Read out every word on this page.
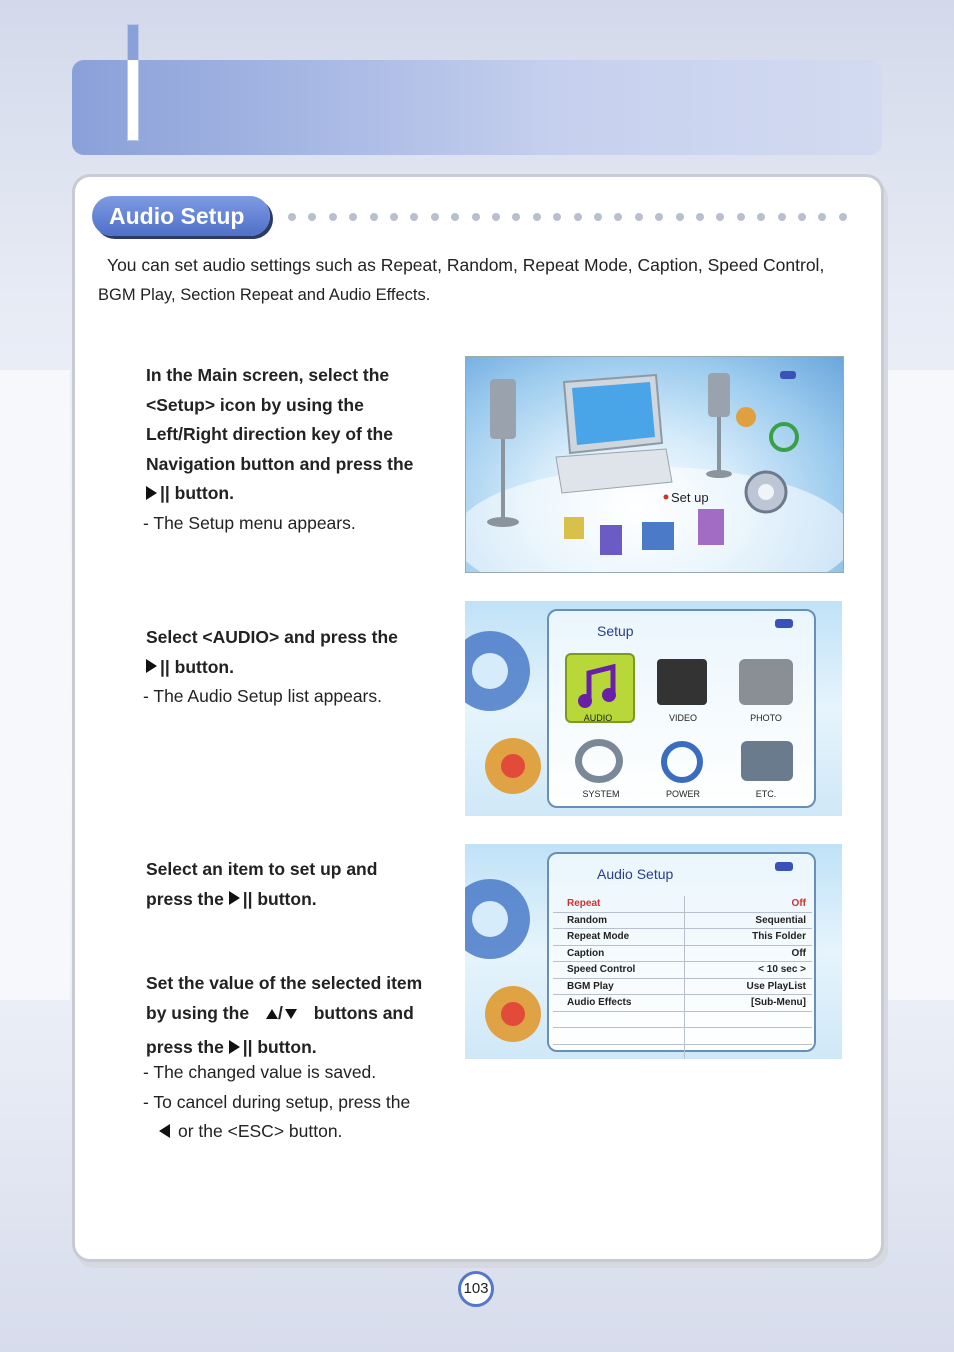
Audio Setup
You can set audio settings such as Repeat, Random, Repeat Mode, Caption, Speed Control,
BGM Play, Section Repeat and Audio Effects.
In the Main screen, select the
<Setup> icon by using the
Left/Right direction key of the
Navigation button and press the
|| button.
- The Setup menu appears.
Select <AUDIO> and press the
|| button.
- The Audio Setup list appears.
Select an item to set up and
press the || button.
Set the value of the selected item
by using the / buttons and

press the || button.
- The changed value is saved.
- To cancel during setup, press the
or the <ESC> button.
Set up
Setup
AUDIO	VIDEO	PHOTO
SYSTEM	POWER	ETC.
Audio Setup
Repeat	Off
Random	Sequential
Repeat Mode	This Folder
Caption	Off
Speed Control	< 10 sec >
BGM Play	Use PlayList
Audio Effects	[Sub-Menu]

103
